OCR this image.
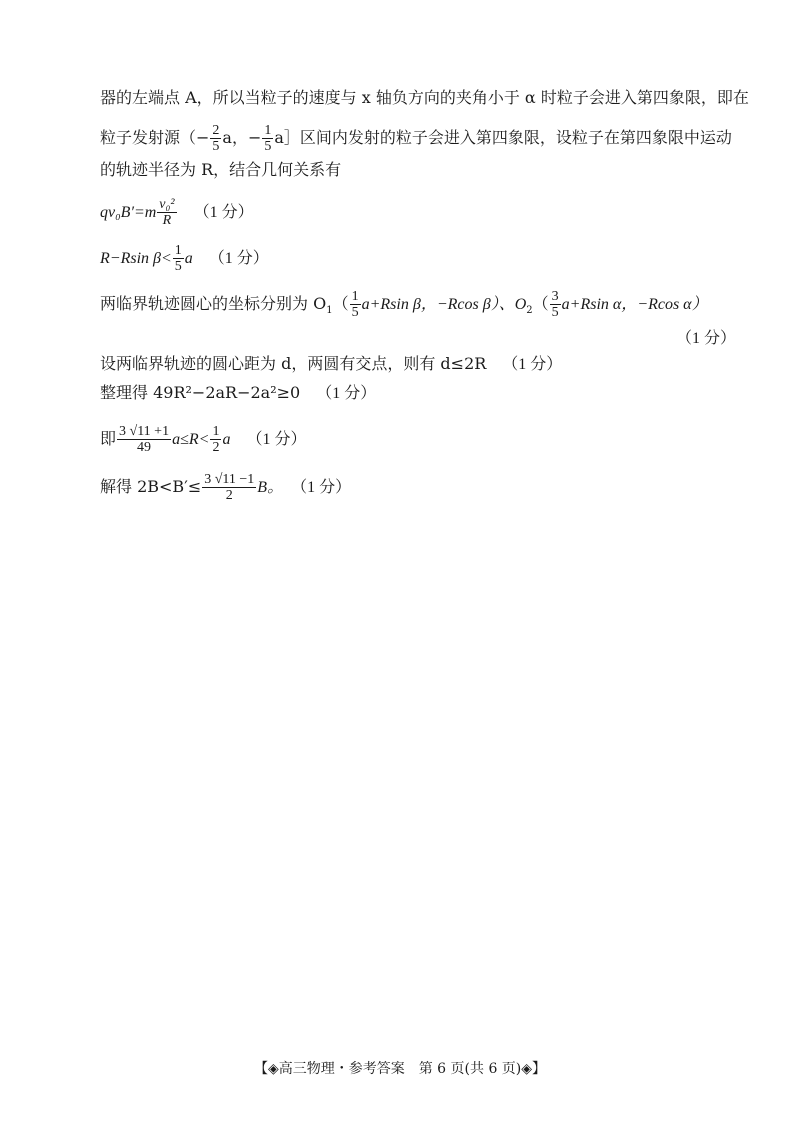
器的左端点 A，所以当粒子的速度与 x 轴负方向的夹角小于 α 时粒子会进入第四象限，即在
粒子发射源（− $\frac{2}{5}$ a，− $\frac{1}{5}$ a］区间内发射的粒子会进入第四象限，设粒子在第四象限中运动
的轨迹半径为 R，结合几何关系有
$qv_0B'=m \frac{\text{v₀²}}{R} (1$ 分）
R−Rsin $\beta< \frac{1}{5}$ a （1 分）
两临界轨迹圆心的坐标分别为 $O_1( \frac{1}{5} a+Rsin$ β，−Rcos β）、$O_2( \frac{3}{5} a+Rsin$ α，−Rcos α）
（1 分）
设两临界轨迹的圆心距为 d，两圆有交点，则有 d≤2R （1 分）
整理得 49R²−2aR−2a²≥0 （1 分）
即 $\frac{3 √11 +1}{49} a\le R< \frac{1}{2}$ a （1 分）
解得 $2B<B'\le \frac{3 √11 -1}{2}$ B。 （1 分）
【◈高三物理・参考答案　第 6 页(共 6 页)◈】
